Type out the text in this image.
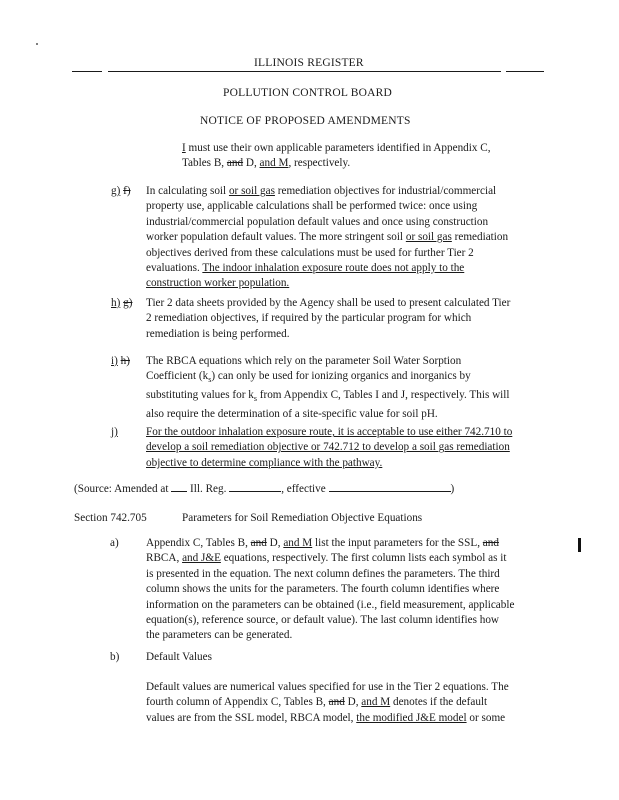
ILLINOIS REGISTER
POLLUTION CONTROL BOARD
NOTICE OF PROPOSED AMENDMENTS
I must use their own applicable parameters identified in Appendix C,
Tables B, and D, and M, respectively.
g) f) In calculating soil or soil gas remediation objectives for industrial/commercial
property use, applicable calculations shall be performed twice: once using
industrial/commercial population default values and once using construction
worker population default values. The more stringent soil or soil gas remediation
objectives derived from these calculations must be used for further Tier 2
evaluations. The indoor inhalation exposure route does not apply to the
construction worker population.
h) g) Tier 2 data sheets provided by the Agency shall be used to present calculated Tier
2 remediation objectives, if required by the particular program for which
remediation is being performed.
i) h) The RBCA equations which rely on the parameter Soil Water Sorption
Coefficient $(k_s)$ can only be used for ionizing organics and inorganics by
substituting values for $k_s$ from Appendix C, Tables I and J, respectively. This will
also require the determination of a site-specific value for soil pH.
j)	For the outdoor inhalation exposure route, it is acceptable to use either 742.710 to
develop a soil remediation objective or 742.712 to develop a soil gas remediation
objective to determine compliance with the pathway.
(Source: Amended at  Ill. Reg.	, effective	)
Section 742.705	Parameters for Soil Remediation Objective Equations
a) Appendix C, Tables B, and D, and M list the input parameters for the SSL, and
RBCA, and J&E equations, respectively. The first column lists each symbol as it
is presented in the equation. The next column defines the parameters. The third
column shows the units for the parameters. The fourth column identifies where
information on the parameters can be obtained (i.e., field measurement, applicable
equation(s), reference source, or default value). The last column identifies how
the parameters can be generated.
b) Default Values
Default values are numerical values specified for use in the Tier 2 equations. The
fourth column of Appendix C, Tables B, and D, and M denotes if the default
values are from the SSL model, RBCA model, the modified J&E model or some
